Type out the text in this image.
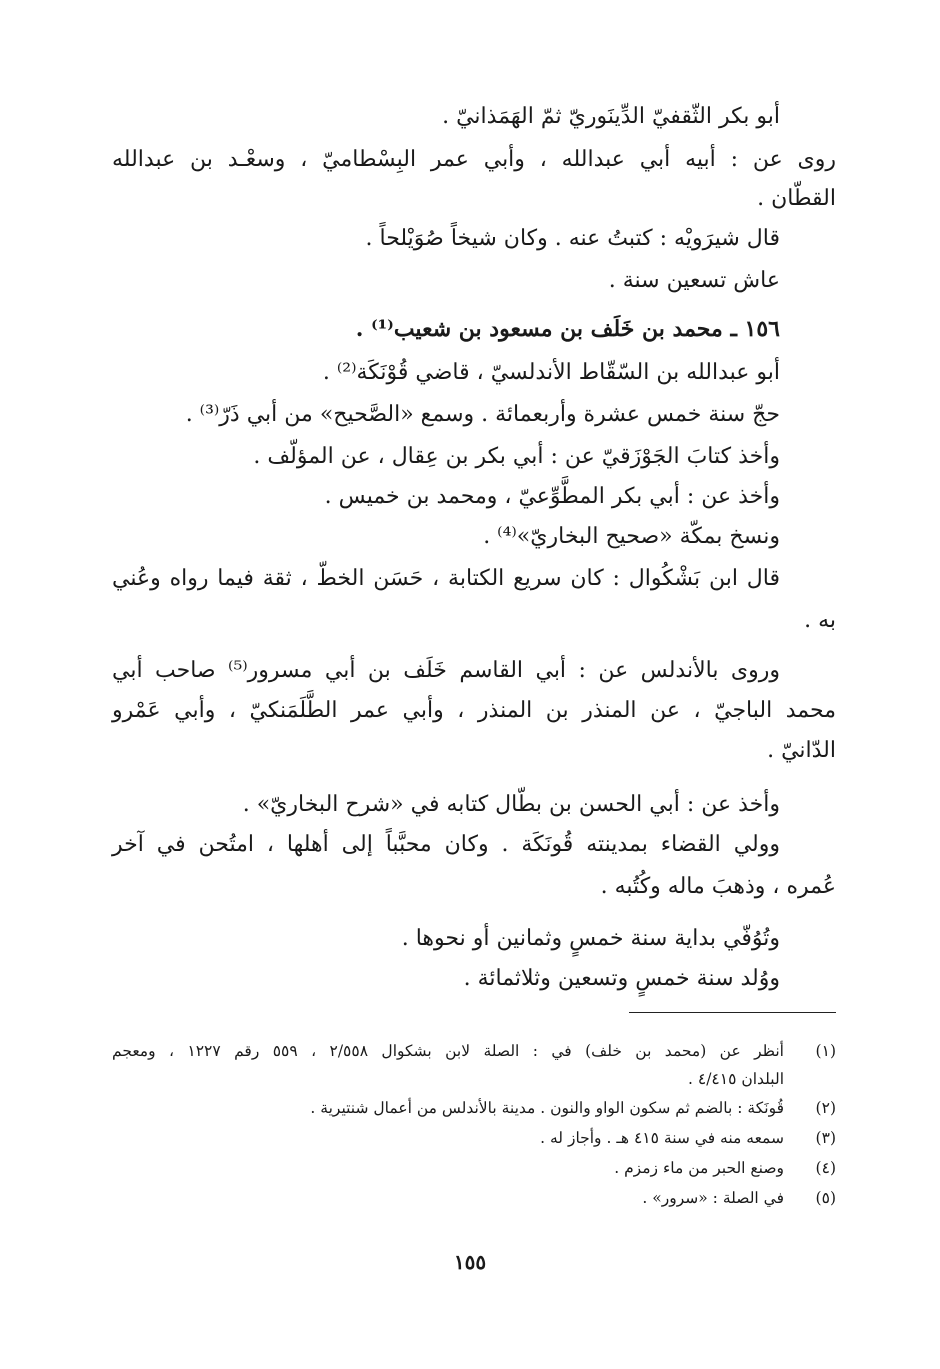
أبو بكر الثّقفيّ الدِّينَوريّ ثمّ الهَمَذانيّ .
روى عن : أبيه أبي عبدالله ، وأبي عمر البِسْطاميّ ، وسعْـد بن عبدالله
القطّان .
قال شيرَويْه : كتبتُ عنه . وكان شيخاً صُوَيْلحاً .
عاش تسعين سنة .
١٥٦ ـ محمد بن خَلَف بن مسعود بن شعيب⁽¹⁾ .
أبو عبدالله بن السّقّاط الأندلسيّ ، قاضي قُوْنَكَة⁽²⁾ .
حجّ سنة خمس عشرة وأربعمائة . وسمع «الصَّحيح» من أبي ذَرّ⁽³⁾ .
وأخذ كتابَ الجَوْزَقيّ عن : أبي بكر بن عِقال ، عن المؤلّف .
وأخذ عن : أبي بكر المطَّوِّعيّ ، ومحمد بن خميس .
ونسخ بمكّة «صحيح البخاريّ»⁽⁴⁾ .
قال ابن بَشْكُوال : كان سريع الكتابة ، حَسَن الخطّ ، ثقة فيما رواه وعُني
به .
وروى بالأندلس عن : أبي القاسم خَلَف بن أبي مسرور⁽⁵⁾ صاحب أبي
محمد الباجيّ ، عن المنذر بن المنذر ، وأبي عمر الطَّلَمَنكيّ ، وأبي عَمْرو
الدّانيّ .
وأخذ عن : أبي الحسن بن بطّال كتابه في «شرح البخاريّ» .
وولي القضاء بمدينته قُونَكَة . وكان محبَّباً إلى أهلها ، امتُحن في آخر
عُمره ، وذهبَ ماله وكُتُبه .
وتُوُفّي بداية سنة خمسٍ وثمانين أو نحوها .
ووُلد سنة خمسٍ وتسعين وثلاثمائة .
(١)
أنظر عن (محمد بن خلف) في : الصلة لابن بشكوال ٢/٥٥٨ ، ٥٥٩ رقم ١٢٢٧ ، ومعجم
البلدان ٤/٤١٥ .
(٢)
قُونَكة : بالضم ثم سكون الواو والنون . مدينة بالأندلس من أعمال شنتيرية .
(٣)
سمعه منه في سنة ٤١٥ هـ . وأجاز له .
(٤)
وصنع الحبر من ماء زمزم .
(٥)
في الصلة : «سرور» .
١٥٥
